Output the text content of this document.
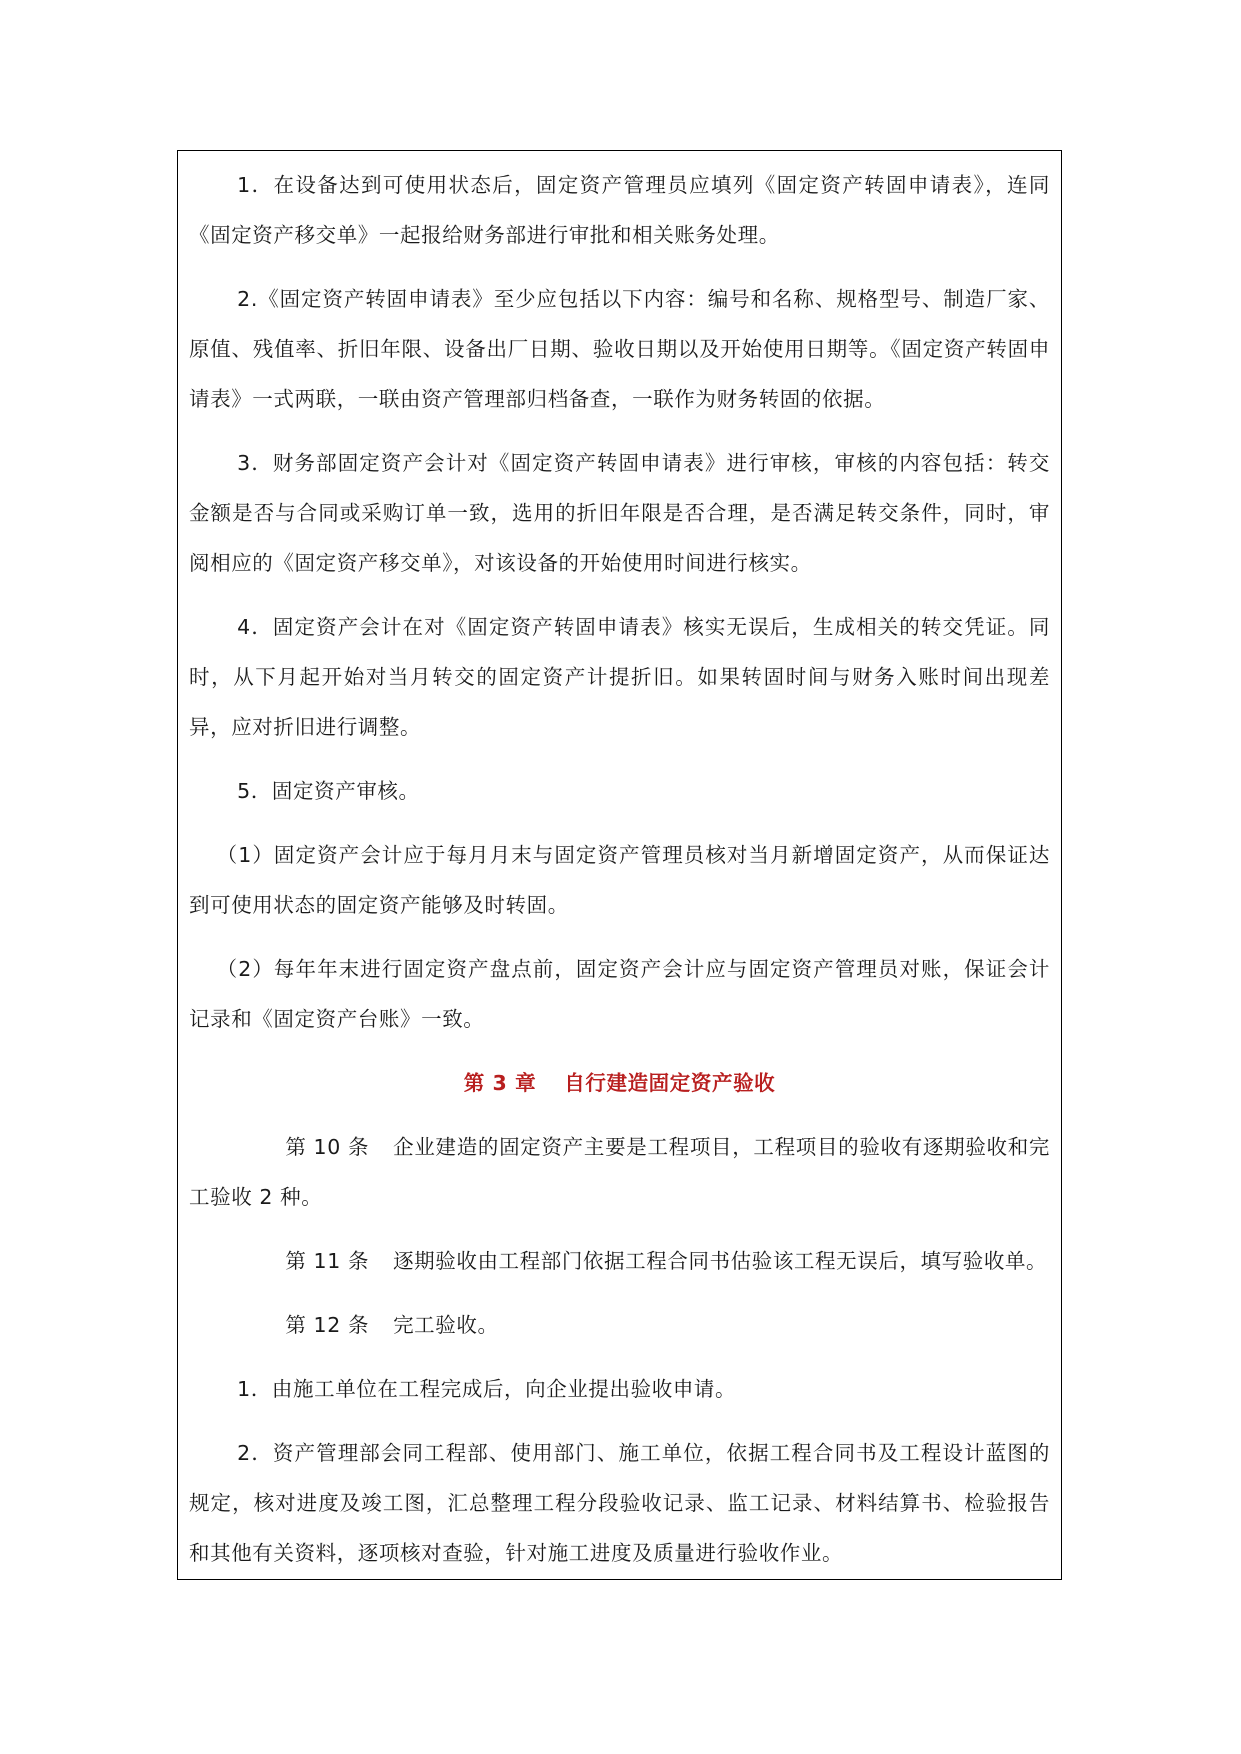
1．在设备达到可使用状态后，固定资产管理员应填列《固定资产转固申请表》，连同《固定资产移交单》一起报给财务部进行审批和相关账务处理。

2.《固定资产转固申请表》至少应包括以下内容：编号和名称、规格型号、制造厂家、原值、残值率、折旧年限、设备出厂日期、验收日期以及开始使用日期等。《固定资产转固申请表》一式两联，一联由资产管理部归档备查，一联作为财务转固的依据。

3．财务部固定资产会计对《固定资产转固申请表》进行审核，审核的内容包括：转交金额是否与合同或采购订单一致，选用的折旧年限是否合理，是否满足转交条件，同时，审阅相应的《固定资产移交单》，对该设备的开始使用时间进行核实。

4．固定资产会计在对《固定资产转固申请表》核实无误后，生成相关的转交凭证。同时，从下月起开始对当月转交的固定资产计提折旧。如果转固时间与财务入账时间出现差异，应对折旧进行调整。

5．固定资产审核。

（1）固定资产会计应于每月月末与固定资产管理员核对当月新增固定资产，从而保证达到可使用状态的固定资产能够及时转固。

（2）每年年末进行固定资产盘点前，固定资产会计应与固定资产管理员对账，保证会计记录和《固定资产台账》一致。

第 3 章 自行建造固定资产验收

第 10 条 企业建造的固定资产主要是工程项目，工程项目的验收有逐期验收和完工验收 2 种。

第 11 条 逐期验收由工程部门依据工程合同书估验该工程无误后，填写验收单。

第 12 条 完工验收。

1．由施工单位在工程完成后，向企业提出验收申请。

2．资产管理部会同工程部、使用部门、施工单位，依据工程合同书及工程设计蓝图的规定，核对进度及竣工图，汇总整理工程分段验收记录、监工记录、材料结算书、检验报告和其他有关资料，逐项核对查验，针对施工进度及质量进行验收作业。
